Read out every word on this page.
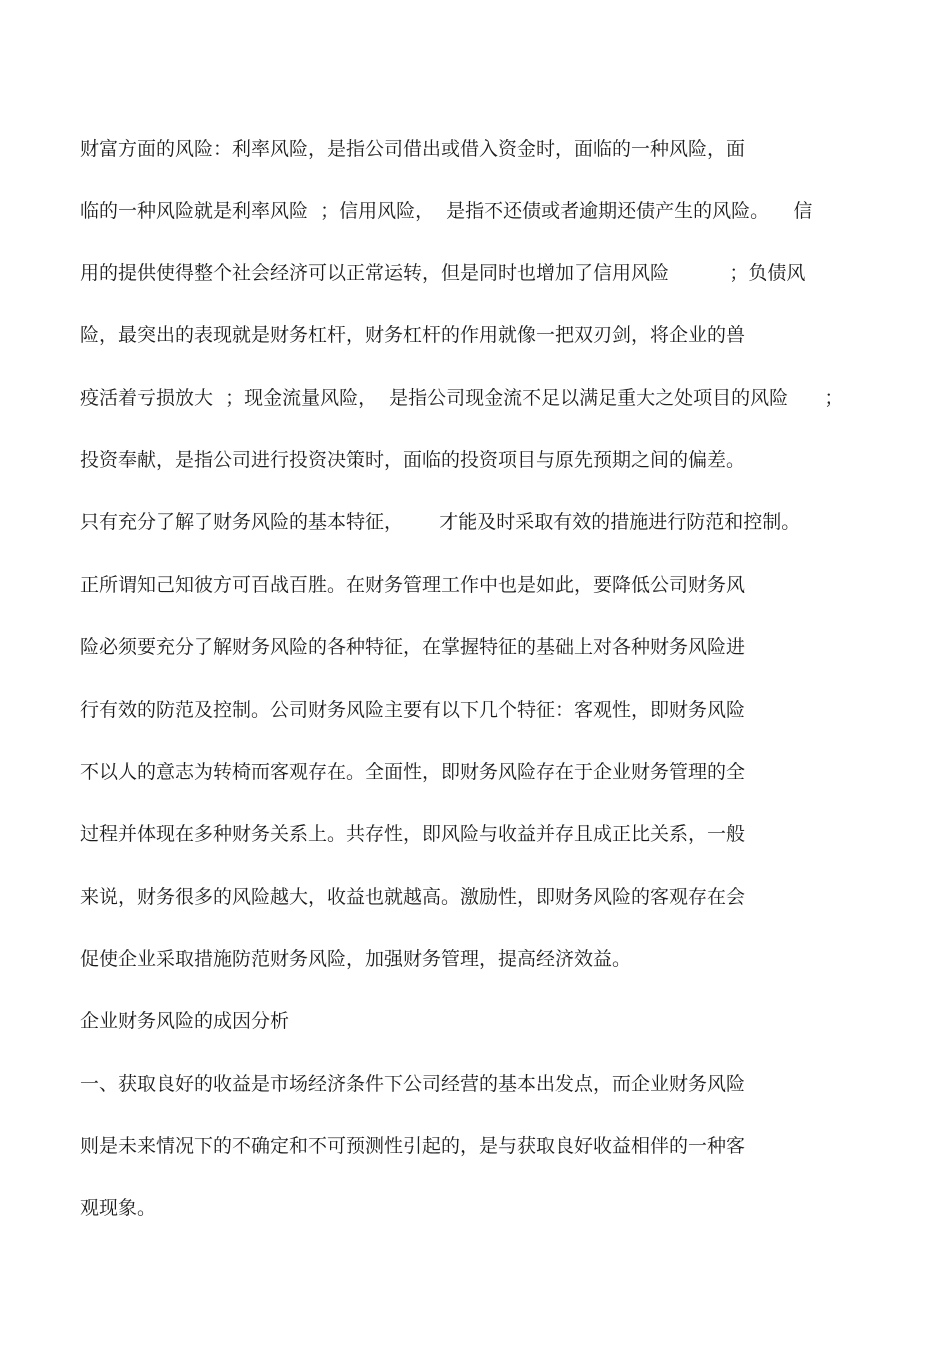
财富方面的风险：利率风险，是指公司借出或借入资金时，面临的一种风险，面
临的一种风险就是利率风险  ；信用风险，  是指不还债或者逾期还债产生的风险。    信
用的提供使得整个社会经济可以正常运转，但是同时也增加了信用风险          ；负债风
险，最突出的表现就是财务杠杆，财务杠杆的作用就像一把双刃剑，将企业的兽
疫活着亏损放大  ；现金流量风险，  是指公司现金流不足以满足重大之处项目的风险      ；
投资奉献，是指公司进行投资决策时，面临的投资项目与原先预期之间的偏差。
只有充分了解了财务风险的基本特征，      才能及时采取有效的措施进行防范和控制。
正所谓知己知彼方可百战百胜。在财务管理工作中也是如此，要降低公司财务风
险必须要充分了解财务风险的各种特征，在掌握特征的基础上对各种财务风险进
行有效的防范及控制。公司财务风险主要有以下几个特征：客观性，即财务风险
不以人的意志为转椅而客观存在。全面性，即财务风险存在于企业财务管理的全
过程并体现在多种财务关系上。共存性，即风险与收益并存且成正比关系，一般
来说，财务很多的风险越大，收益也就越高。激励性，即财务风险的客观存在会
促使企业采取措施防范财务风险，加强财务管理，提高经济效益。
企业财务风险的成因分析
一、获取良好的收益是市场经济条件下公司经营的基本出发点，而企业财务风险
则是未来情况下的不确定和不可预测性引起的，是与获取良好收益相伴的一种客
观现象。
